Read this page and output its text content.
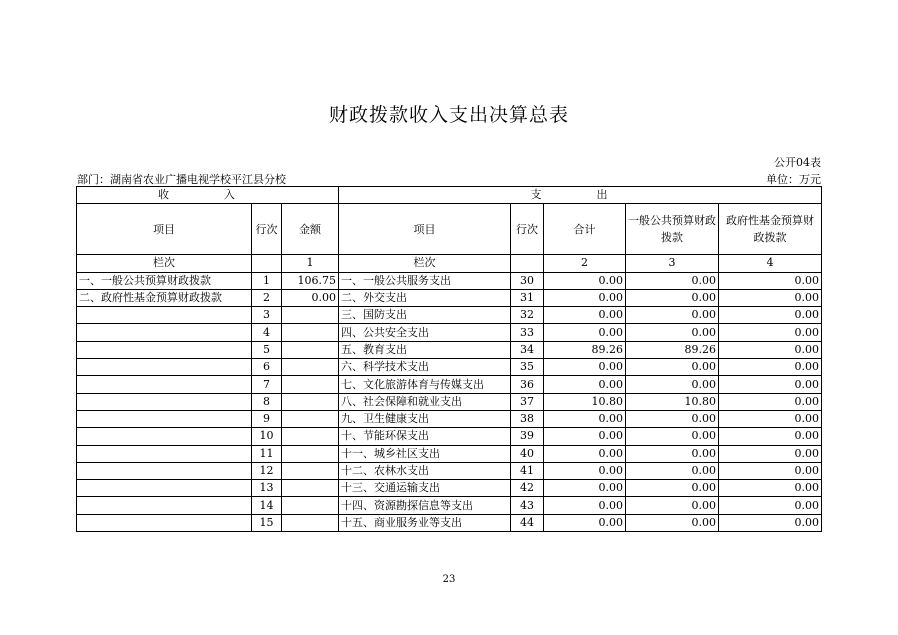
财政拨款收入支出决算总表
公开04表
部门：湖南省农业广播电视学校平江县分校	单位：万元
收　入			支　出				
项目	行次	金额	项目	行次	合计	一般公共预算财政拨款	政府性基金预算财政拨款
栏次		1	栏次		2	3	4
一、一般公共预算财政拨款	1	106.75	一、一般公共服务支出	30	0.00	0.00	0.00
二、政府性基金预算财政拨款	2	0.00	二、外交支出	31	0.00	0.00	0.00
	3		三、国防支出	32	0.00	0.00	0.00
	4		四、公共安全支出	33	0.00	0.00	0.00
	5		五、教育支出	34	89.26	89.26	0.00
	6		六、科学技术支出	35	0.00	0.00	0.00
	7		七、文化旅游体育与传媒支出	36	0.00	0.00	0.00
	8		八、社会保障和就业支出	37	10.80	10.80	0.00
	9		九、卫生健康支出	38	0.00	0.00	0.00
	10		十、节能环保支出	39	0.00	0.00	0.00
	11		十一、城乡社区支出	40	0.00	0.00	0.00
	12		十二、农林水支出	41	0.00	0.00	0.00
	13		十三、交通运输支出	42	0.00	0.00	0.00
	14		十四、资源勘探信息等支出	43	0.00	0.00	0.00
	15		十五、商业服务业等支出	44	0.00	0.00	0.00
23
